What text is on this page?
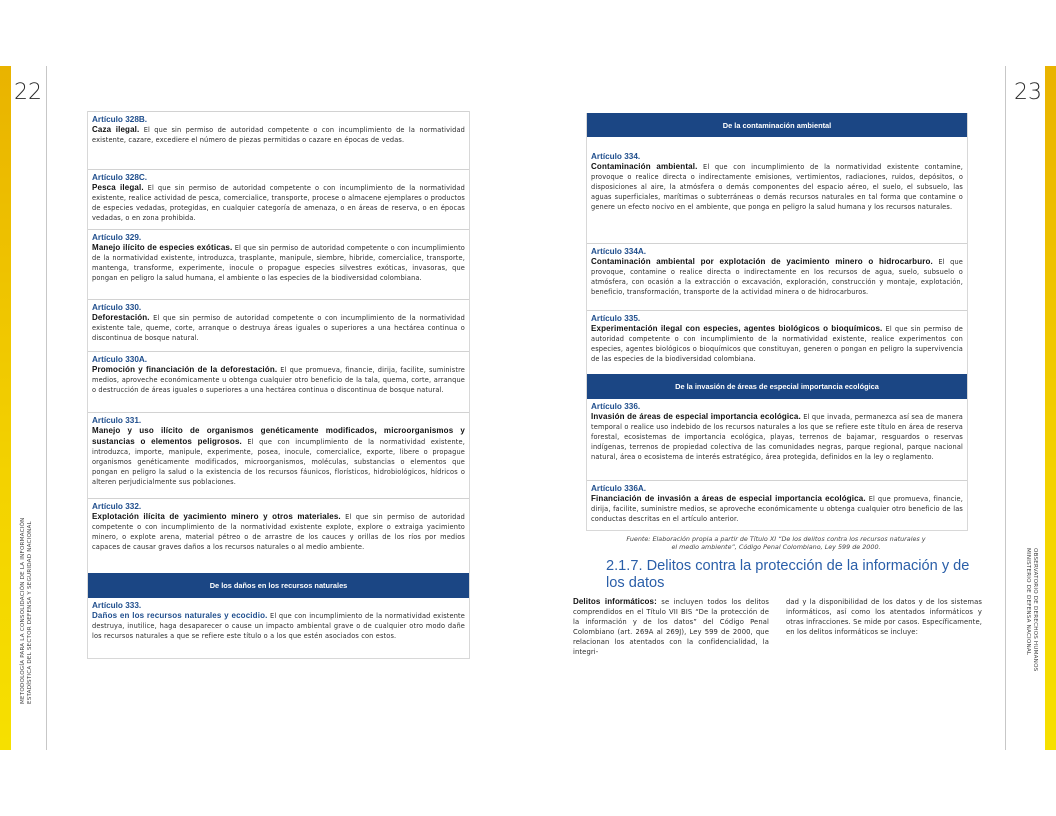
22	23
METODOLOGÍA PARA LA CONSOLIDACIÓN DE LA INFORMACIÓN ESTADÍSTICA DEL SECTOR DEFENSA Y SEGURIDAD NACIONAL	OBSERVATORIO DE DERECHOS HUMANOS
MINISTERIO DE DEFENSA NACIONAL
Artículo 328B.
Caza ilegal. El que sin permiso de autoridad competente o con incumplimiento de la normatividad existente, cazare, excediere el número de piezas permitidas o cazare en épocas de vedas.
Artículo 328C.
Pesca ilegal. El que sin permiso de autoridad competente o con incumplimiento de la normatividad existente, realice actividad de pesca, comercialice, transporte, procese o almacene ejemplares o productos de especies vedadas, protegidas, en cualquier categoría de amenaza, o en áreas de reserva, o en épocas vedadas, o en zona prohibida.
Artículo 329.
Manejo ilícito de especies exóticas. El que sin permiso de autoridad competente o con incumplimiento de la normatividad existente, introduzca, trasplante, manipule, siembre, hibride, comercialice, transporte, mantenga, transforme, experimente, inocule o propague especies silvestres exóticas, invasoras, que pongan en peligro la salud humana, el ambiente o las especies de la biodiversidad colombiana.
Artículo 330.
Deforestación. El que sin permiso de autoridad competente o con incumplimiento de la normatividad existente tale, queme, corte, arranque o destruya áreas iguales o superiores a una hectárea continua o discontinua de bosque natural.
Artículo 330A.
Promoción y financiación de la deforestación. El que promueva, financie, dirija, facilite, suministre medios, aproveche económicamente u obtenga cualquier otro beneficio de la tala, quema, corte, arranque o destrucción de áreas iguales o superiores a una hectárea continua o discontinua de bosque natural.
Artículo 331.
Manejo y uso ilícito de organismos genéticamente modificados, microorganismos y sustancias o elementos peligrosos. El que con incumplimiento de la normatividad existente, introduzca, importe, manipule, experimente, posea, inocule, comercialice, exporte, libere o propague organismos genéticamente modificados, microorganismos, moléculas, substancias o elementos que pongan en peligro la salud o la existencia de los recursos fáunicos, florísticos, hidrobiológicos, hídricos o alteren perjudicialmente sus poblaciones.
Artículo 332.
Explotación ilícita de yacimiento minero y otros materiales. El que sin permiso de autoridad competente o con incumplimiento de la normatividad existente explote, explore o extraiga yacimiento minero, o explote arena, material pétreo o de arrastre de los cauces y orillas de los ríos por medios capaces de causar graves daños a los recursos naturales o al medio ambiente.
De los daños en los recursos naturales
Artículo 333.
Daños en los recursos naturales y ecocidio. El que con incumplimiento de la normatividad existente destruya, inutilice, haga desaparecer o cause un impacto ambiental grave o de cualquier otro modo dañe los recursos naturales a que se refiere este título o a los que estén asociados con estos.
De la contaminación ambiental
Artículo 334.
Contaminación ambiental. El que con incumplimiento de la normatividad existente contamine, provoque o realice directa o indirectamente emisiones, vertimientos, radiaciones, ruidos, depósitos, o disposiciones al aire, la atmósfera o demás componentes del espacio aéreo, el suelo, el subsuelo, las aguas superficiales, marítimas o subterráneas o demás recursos naturales en tal forma que contamine o genere un efecto nocivo en el ambiente, que ponga en peligro la salud humana y los recursos naturales.
Artículo 334A.
Contaminación ambiental por explotación de yacimiento minero o hidrocarburo. El que provoque, contamine o realice directa o indirectamente en los recursos de agua, suelo, subsuelo o atmósfera, con ocasión a la extracción o excavación, exploración, construcción y montaje, explotación, beneficio, transformación, transporte de la actividad minera o de hidrocarburos.
Artículo 335.
Experimentación ilegal con especies, agentes biológicos o bioquímicos. El que sin permiso de autoridad competente o con incumplimiento de la normatividad existente, realice experimentos con especies, agentes biológicos o bioquímicos que constituyan, generen o pongan en peligro la supervivencia de las especies de la biodiversidad colombiana.
De la invasión de áreas de especial importancia ecológica
Artículo 336.
Invasión de áreas de especial importancia ecológica. El que invada, permanezca así sea de manera temporal o realice uso indebido de los recursos naturales a los que se refiere este título en área de reserva forestal, ecosistemas de importancia ecológica, playas, terrenos de bajamar, resguardos o reservas indígenas, terrenos de propiedad colectiva de las comunidades negras, parque regional, parque nacional natural, área o ecosistema de interés estratégico, área protegida, definidos en la ley o reglamento.
Artículo 336A.
Financiación de invasión a áreas de especial importancia ecológica. El que promueva, financie, dirija, facilite, suministre medios, se aproveche económicamente u obtenga cualquier otro beneficio de las conductas descritas en el artículo anterior.
Fuente: Elaboración propia a partir de Título XI “De los delitos contra los recursos naturales y
el medio ambiente”, Código Penal Colombiano, Ley 599 de 2000.
2.1.7. Delitos contra la protección de la información y de los datos
Delitos informáticos: se incluyen todos los delitos comprendidos en el Título VII BIS “De la protección de la información y de los datos” del Código Penal Colombiano (art. 269A al 269J), Ley 599 de 2000, que relacionan los atentados con la confidencialidad, la integri-
dad y la disponibilidad de los datos y de los sistemas informáticos, así como los atentados informáticos y otras infracciones. Se mide por casos. Específicamente, en los delitos informáticos se incluye:
